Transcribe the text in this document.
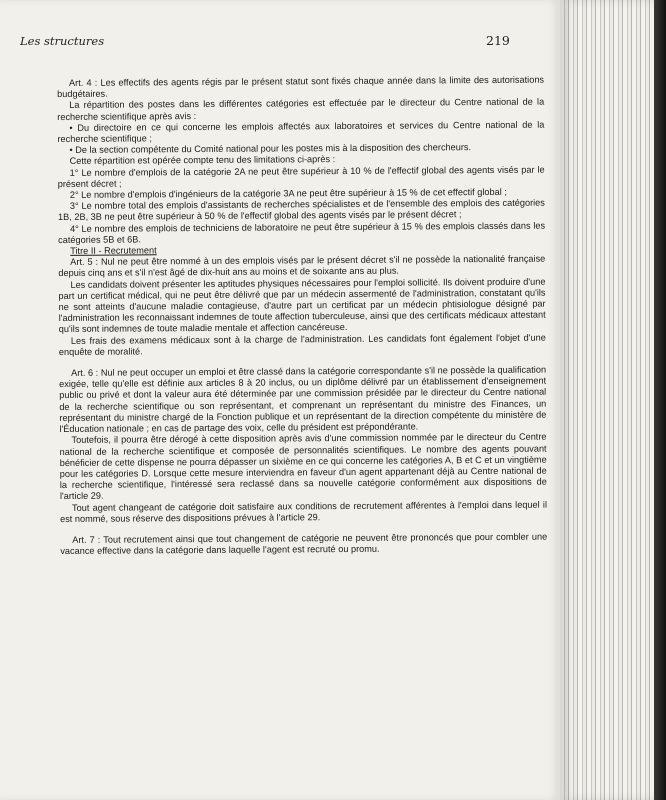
Les structures	219

Art. 4 : Les effectifs des agents régis par le présent statut sont fixés chaque année dans la limite des autorisations budgétaires.

La répartition des postes dans les différentes catégories est effectuée par le directeur du Centre national de la recherche scientifique après avis :

• Du directoire en ce qui concerne les emplois affectés aux laboratoires et services du Centre national de la recherche scientifique ;

• De la section compétente du Comité national pour les postes mis à la disposition des chercheurs.

Cette répartition est opérée compte tenu des limitations ci-après :

1° Le nombre d'emplois de la catégorie 2A ne peut être supérieur à 10 % de l'effectif global des agents visés par le présent décret ;

2° Le nombre d'emplois d'ingénieurs de la catégorie 3A ne peut être supérieur à 15 % de cet effectif global ;

3° Le nombre total des emplois d'assistants de recherches spécialistes et de l'ensemble des emplois des catégories 1B, 2B, 3B ne peut être supérieur à 50 % de l'effectif global des agents visés par le présent décret ;

4° Le nombre des emplois de techniciens de laboratoire ne peut être supérieur à 15 % des emplois classés dans les catégories 5B et 6B.

Titre II - Recrutement

Art. 5 : Nul ne peut être nommé à un des emplois visés par le présent décret s'il ne possède la nationalité française depuis cinq ans et s'il n'est âgé de dix-huit ans au moins et de soixante ans au plus.

Les candidats doivent présenter les aptitudes physiques nécessaires pour l'emploi sollicité. Ils doivent produire d'une part un certificat médical, qui ne peut être délivré que par un médecin assermenté de l'administration, constatant qu'ils ne sont atteints d'aucune maladie contagieuse, d'autre part un certificat par un médecin phtisiologue désigné par l'administration les reconnaissant indemnes de toute affection tuberculeuse, ainsi que des certificats médicaux attestant qu'ils sont indemnes de toute maladie mentale et affection cancéreuse.

Les frais des examens médicaux sont à la charge de l'administration. Les candidats font également l'objet d'une enquête de moralité.

Art. 6 : Nul ne peut occuper un emploi et être classé dans la catégorie correspondante s'il ne possède la qualification exigée, telle qu'elle est définie aux articles 8 à 20 inclus, ou un diplôme délivré par un établissement d'enseignement public ou privé et dont la valeur aura été déterminée par une commission présidée par le directeur du Centre national de la recherche scientifique ou son représentant, et comprenant un représentant du ministre des Finances, un représentant du ministre chargé de la Fonction publique et un représentant de la direction compétente du ministère de l'Éducation nationale ; en cas de partage des voix, celle du président est prépondérante.

Toutefois, il pourra être dérogé à cette disposition après avis d'une commission nommée par le directeur du Centre national de la recherche scientifique et composée de personnalités scientifiques. Le nombre des agents pouvant bénéficier de cette dispense ne pourra dépasser un sixième en ce qui concerne les catégories A, B et C et un vingtième pour les catégories D. Lorsque cette mesure interviendra en faveur d'un agent appartenant déjà au Centre national de la recherche scientifique, l'intéressé sera reclassé dans sa nouvelle catégorie conformément aux dispositions de l'article 29.

Tout agent changeant de catégorie doit satisfaire aux conditions de recrutement afférentes à l'emploi dans lequel il est nommé, sous réserve des dispositions prévues à l'article 29.

Art. 7 : Tout recrutement ainsi que tout changement de catégorie ne peuvent être prononcés que pour combler une vacance effective dans la catégorie dans laquelle l'agent est recruté ou promu.
